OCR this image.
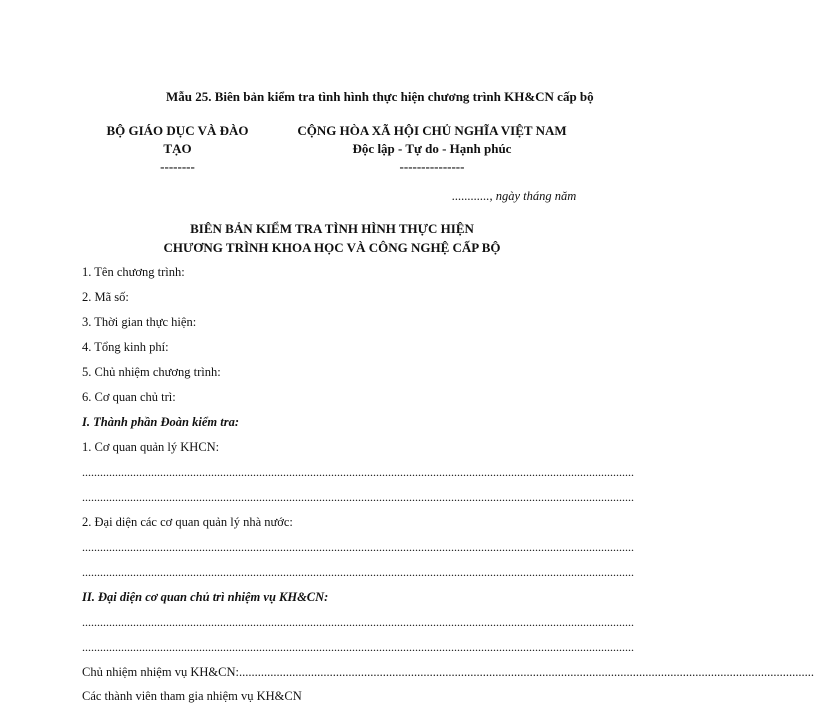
Mẫu 25. Biên bản kiểm tra tình hình thực hiện chương trình KH&CN cấp bộ
BỘ GIÁO DỤC VÀ ĐÀO
TẠO
--------
CỘNG HÒA XÃ HỘI CHỦ NGHĨA VIỆT NAM
Độc lập - Tự do - Hạnh phúc
---------------
............, ngày tháng năm
BIÊN BẢN KIỂM TRA TÌNH HÌNH THỰC HIỆN
CHƯƠNG TRÌNH KHOA HỌC VÀ CÔNG NGHỆ CẤP BỘ
1. Tên chương trình:
2. Mã số:
3. Thời gian thực hiện:
4. Tổng kinh phí:
5. Chủ nhiệm chương trình:
6. Cơ quan chủ trì:
I. Thành phần Đoàn kiểm tra:
1. Cơ quan quản lý KHCN:
........................................................................................................................................................................................
........................................................................................................................................................................................
2. Đại diện các cơ quan quản lý nhà nước:
........................................................................................................................................................................................
........................................................................................................................................................................................
II. Đại diện cơ quan chủ trì nhiệm vụ KH&CN:
........................................................................................................................................................................................
........................................................................................................................................................................................
Chủ nhiệm nhiệm vụ KH&CN:........................................................................................................................................................................................
Các thành viên tham gia nhiệm vụ KH&CN
